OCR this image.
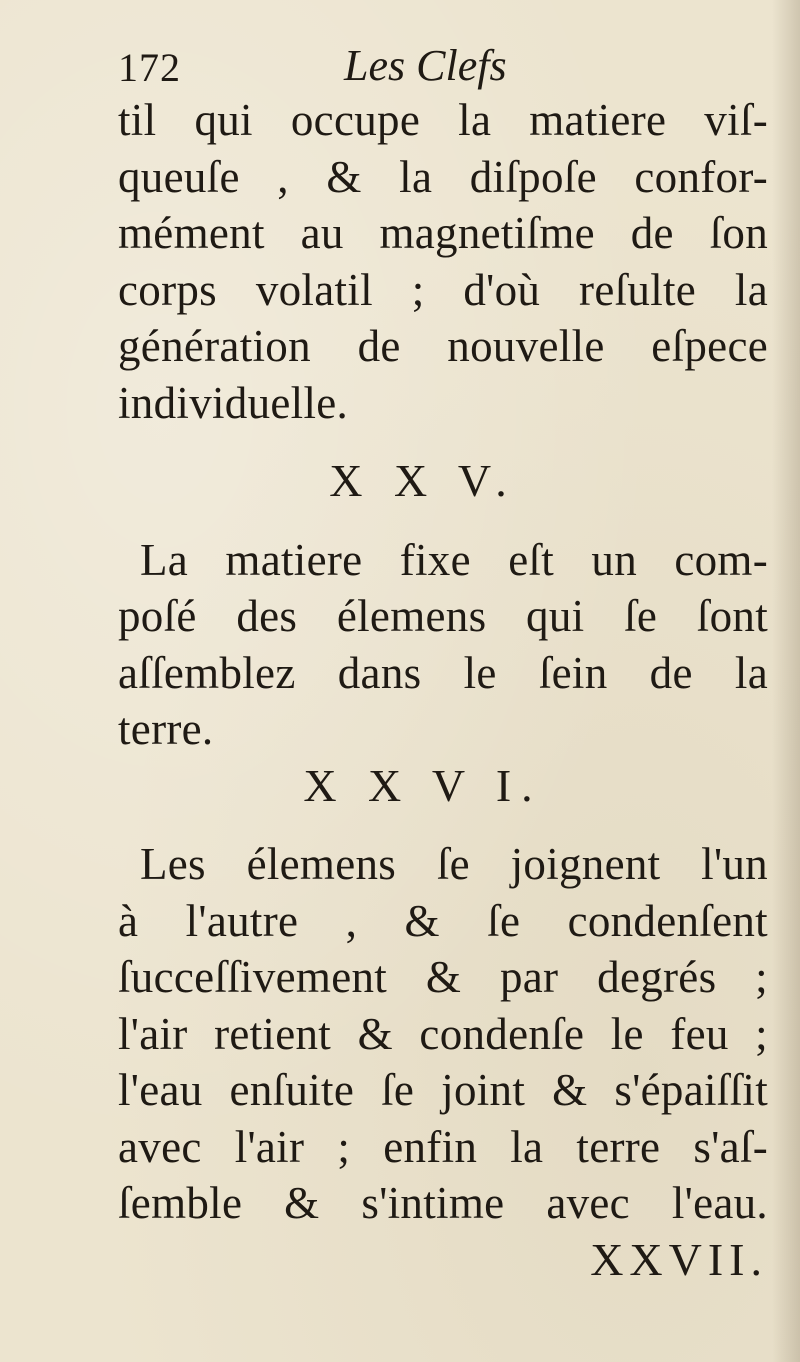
172	Les Clefs
til qui occupe la matiere viſ-
queuſe , & la diſpoſe confor-
mément au magnetiſme de ſon
corps volatil ; d'où reſulte la
génération de nouvelle eſpece
individuelle.
X X V.
La matiere fixe eſt un com-
poſé des élemens qui ſe ſont
aſſemblez dans le ſein de la
terre.
X X V I.
Les élemens ſe joignent l'un
à l'autre , & ſe condenſent
ſucceſſivement & par degrés ;
l'air retient & condenſe le feu ;
l'eau enſuite ſe joint & s'épaiſſit
avec l'air ; enfin la terre s'aſ-
ſemble & s'intime avec l'eau.
XXVII.
